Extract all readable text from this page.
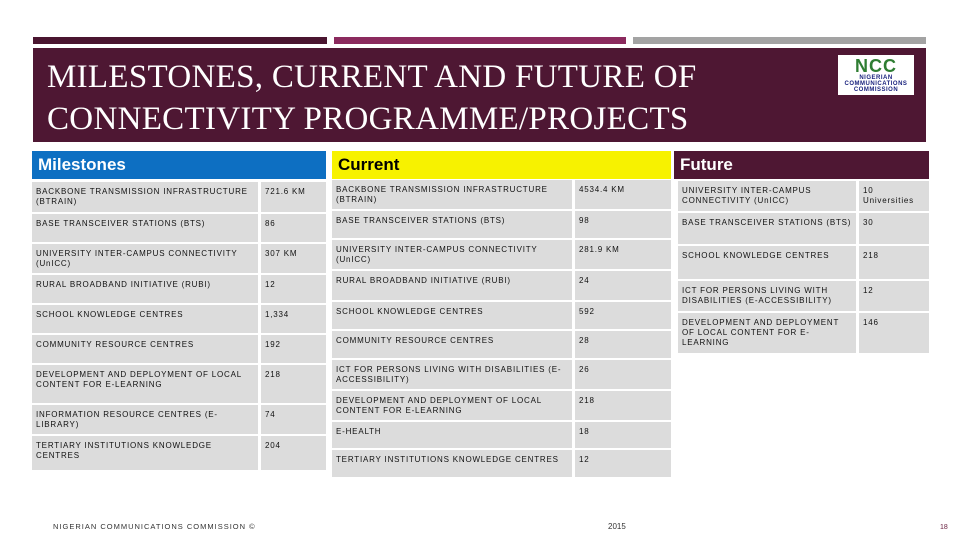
MILESTONES, CURRENT AND FUTURE OF CONNECTIVITY PROGRAMME/PROJECTS
NCC
NIGERIAN COMMUNICATIONS COMMISSION
Milestones	Current	Future
BACKBONE TRANSMISSION INFRASTRUCTURE (BTRAIN)	721.6 KM
BASE TRANSCEIVER STATIONS (BTS)	86
UNIVERSITY INTER-CAMPUS CONNECTIVITY (UnICC)	307 KM
RURAL BROADBAND INITIATIVE (RUBI)	12
SCHOOL KNOWLEDGE CENTRES	1,334
COMMUNITY RESOURCE CENTRES	192
DEVELOPMENT AND DEPLOYMENT OF LOCAL CONTENT FOR E-LEARNING	218
INFORMATION RESOURCE CENTRES (E-LIBRARY)	74
TERTIARY INSTITUTIONS KNOWLEDGE CENTRES	204
BACKBONE TRANSMISSION INFRASTRUCTURE (BTRAIN)	4534.4 KM
BASE TRANSCEIVER STATIONS (BTS)	98
UNIVERSITY INTER-CAMPUS CONNECTIVITY (UnICC)	281.9 KM
RURAL BROADBAND INITIATIVE (RUBI)	24
SCHOOL KNOWLEDGE CENTRES	592
COMMUNITY RESOURCE CENTRES	28
ICT FOR PERSONS LIVING WITH DISABILITIES (E-ACCESSIBILITY)	26
DEVELOPMENT AND DEPLOYMENT OF LOCAL CONTENT FOR E-LEARNING	218
E-HEALTH	18
TERTIARY INSTITUTIONS KNOWLEDGE CENTRES	12
UNIVERSITY INTER-CAMPUS CONNECTIVITY (UnICC)	10 Universities
BASE TRANSCEIVER STATIONS (BTS)	30
SCHOOL KNOWLEDGE CENTRES	218
ICT FOR PERSONS LIVING WITH DISABILITIES (E-ACCESSIBILITY)	12
DEVELOPMENT AND DEPLOYMENT OF LOCAL CONTENT FOR E-LEARNING	146
NIGERIAN COMMUNICATIONS COMMISSION ©	2015	18
